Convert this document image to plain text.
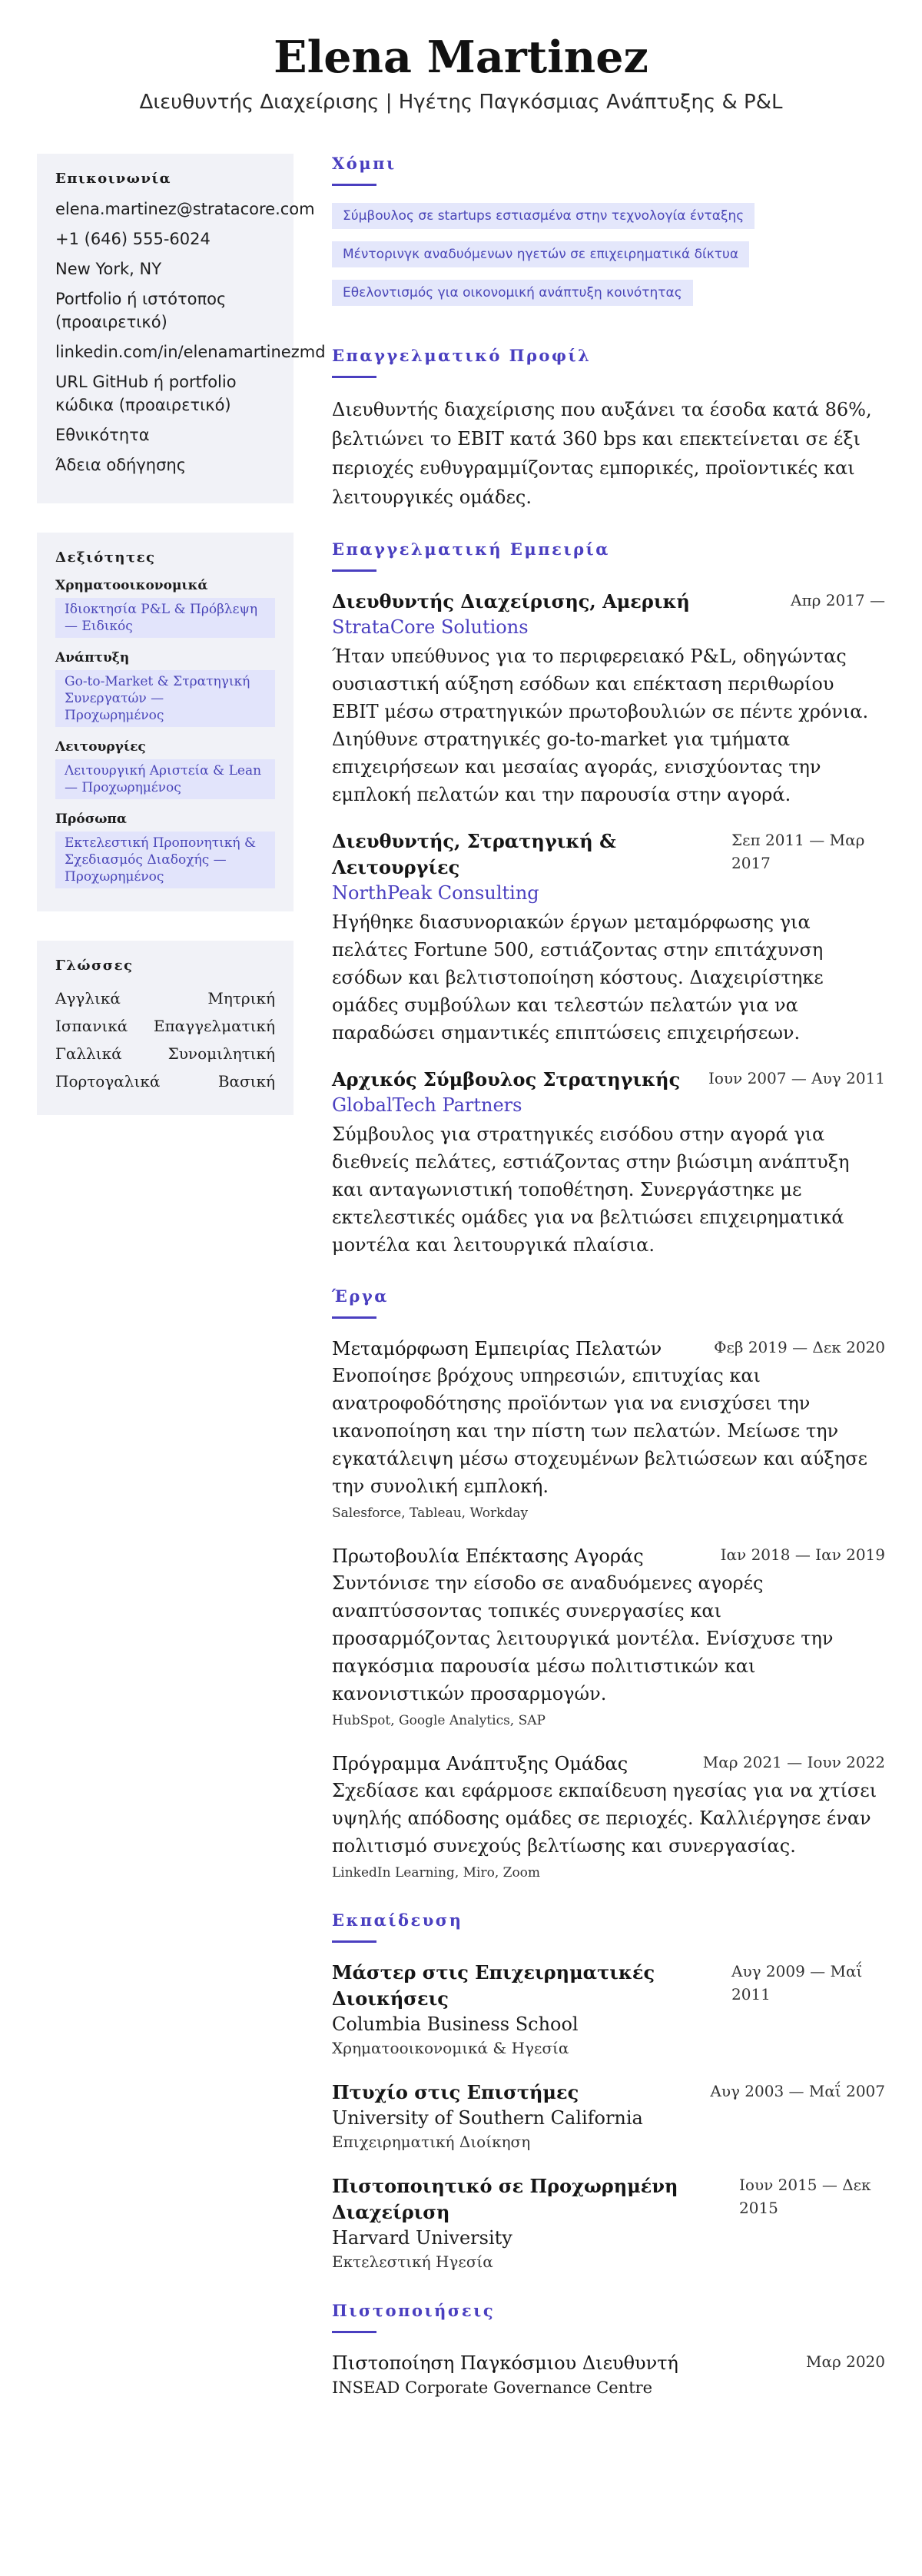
Elena Martinez
Διευθυντής Διαχείρισης | Ηγέτης Παγκόσμιας Ανάπτυξης & P&L
Επικοινωνία
elena.martinez@stratacore.com
+1 (646) 555-6024
New York, NY
Portfolio ή ιστότοπος (προαιρετικό)
linkedin.com/in/elenamartinezmd
URL GitHub ή portfolio κώδικα (προαιρετικό)
Εθνικότητα
Άδεια οδήγησης
Δεξιότητες
Χρηματοοικονομικά
Ιδιοκτησία P&L & Πρόβλεψη — Ειδικός
Ανάπτυξη
Go-to-Market & Στρατηγική Συνεργατών — Προχωρημένος
Λειτουργίες
Λειτουργική Αριστεία & Lean — Προχωρημένος
Πρόσωπα
Εκτελεστική Προπονητική & Σχεδιασμός Διαδοχής — Προχωρημένος
Γλώσσες
Αγγλικά	Μητρική
Ισπανικά Επαγγελματική
Γαλλικά	Συνομιλητική
Πορτογαλικά	Βασική
Χόμπι
Σύμβουλος σε startups εστιασμένα στην τεχνολογία ένταξης
Μέντορινγκ αναδυόμενων ηγετών σε επιχειρηματικά δίκτυα
Εθελοντισμός για οικονομική ανάπτυξη κοινότητας
Επαγγελματικό Προφίλ

Διευθυντής διαχείρισης που αυξάνει τα έσοδα κατά 86%, βελτιώνει το EBIT κατά 360 bps και επεκτείνεται σε έξι περιοχές ευθυγραμμίζοντας εμπορικές, προϊοντικές και λειτουργικές ομάδες.

Επαγγελματική Εμπειρία
Διευθυντής Διαχείρισης, Αμερική	Απρ 2017 —
StrataCore Solutions
Ήταν υπεύθυνος για το περιφερειακό P&L, οδηγώντας ουσιαστική αύξηση εσόδων και επέκταση περιθωρίου EBIT μέσω στρατηγικών πρωτοβουλιών σε πέντε χρόνια. Διηύθυνε στρατηγικές go-to-market για τμήματα επιχειρήσεων και μεσαίας αγοράς, ενισχύοντας την εμπλοκή πελατών και την παρουσία στην αγορά.
Διευθυντής, Στρατηγική & Λειτουργίες
Σεπ 2011 — Μαρ 2017
NorthPeak Consulting
Ηγήθηκε διασυνοριακών έργων μεταμόρφωσης για πελάτες Fortune 500, εστιάζοντας στην επιτάχυνση εσόδων και βελτιστοποίηση κόστους. Διαχειρίστηκε ομάδες συμβούλων και τελεστών πελατών για να παραδώσει σημαντικές επιπτώσεις επιχειρήσεων.
Αρχικός Σύμβουλος Στρατηγικής Ιουν 2007 — Αυγ 2011
GlobalTech Partners
Σύμβουλος για στρατηγικές εισόδου στην αγορά για διεθνείς πελάτες, εστιάζοντας στην βιώσιμη ανάπτυξη και ανταγωνιστική τοποθέτηση. Συνεργάστηκε με εκτελεστικές ομάδες για να βελτιώσει επιχειρηματικά μοντέλα και λειτουργικά πλαίσια.
Έργα
Μεταμόρφωση Εμπειρίας Πελατών	Φεβ 2019 — Δεκ 2020
Ενοποίησε βρόχους υπηρεσιών, επιτυχίας και ανατροφοδότησης προϊόντων για να ενισχύσει την ικανοποίηση και την πίστη των πελατών. Μείωσε την εγκατάλειψη μέσω στοχευμένων βελτιώσεων και αύξησε την συνολική εμπλοκή.
Salesforce, Tableau, Workday
Πρωτοβουλία Επέκτασης Αγοράς	Ιαν 2018 — Ιαν 2019
Συντόνισε την είσοδο σε αναδυόμενες αγορές αναπτύσσοντας τοπικές συνεργασίες και προσαρμόζοντας λειτουργικά μοντέλα. Ενίσχυσε την παγκόσμια παρουσία μέσω πολιτιστικών και κανονιστικών προσαρμογών.
HubSpot, Google Analytics, SAP
Πρόγραμμα Ανάπτυξης Ομάδας	Μαρ 2021 — Ιουν 2022
Σχεδίασε και εφάρμοσε εκπαίδευση ηγεσίας για να χτίσει υψηλής απόδοσης ομάδες σε περιοχές. Καλλιέργησε έναν πολιτισμό συνεχούς βελτίωσης και συνεργασίας.
LinkedIn Learning, Miro, Zoom
Εκπαίδευση
Μάστερ στις Επιχειρηματικές Διοικήσεις
Αυγ 2009 — Μαΐ 2011
Columbia Business School
Χρηματοοικονομικά & Ηγεσία
Πτυχίο στις Επιστήμες	Αυγ 2003 — Μαΐ 2007
University of Southern California
Επιχειρηματική Διοίκηση
Πιστοποιητικό σε Προχωρημένη Διαχείριση
Ιουν 2015 — Δεκ 2015
Harvard University
Εκτελεστική Ηγεσία
Πιστοποιήσεις
Πιστοποίηση Παγκόσμιου Διευθυντή	Μαρ 2020
INSEAD Corporate Governance Centre
